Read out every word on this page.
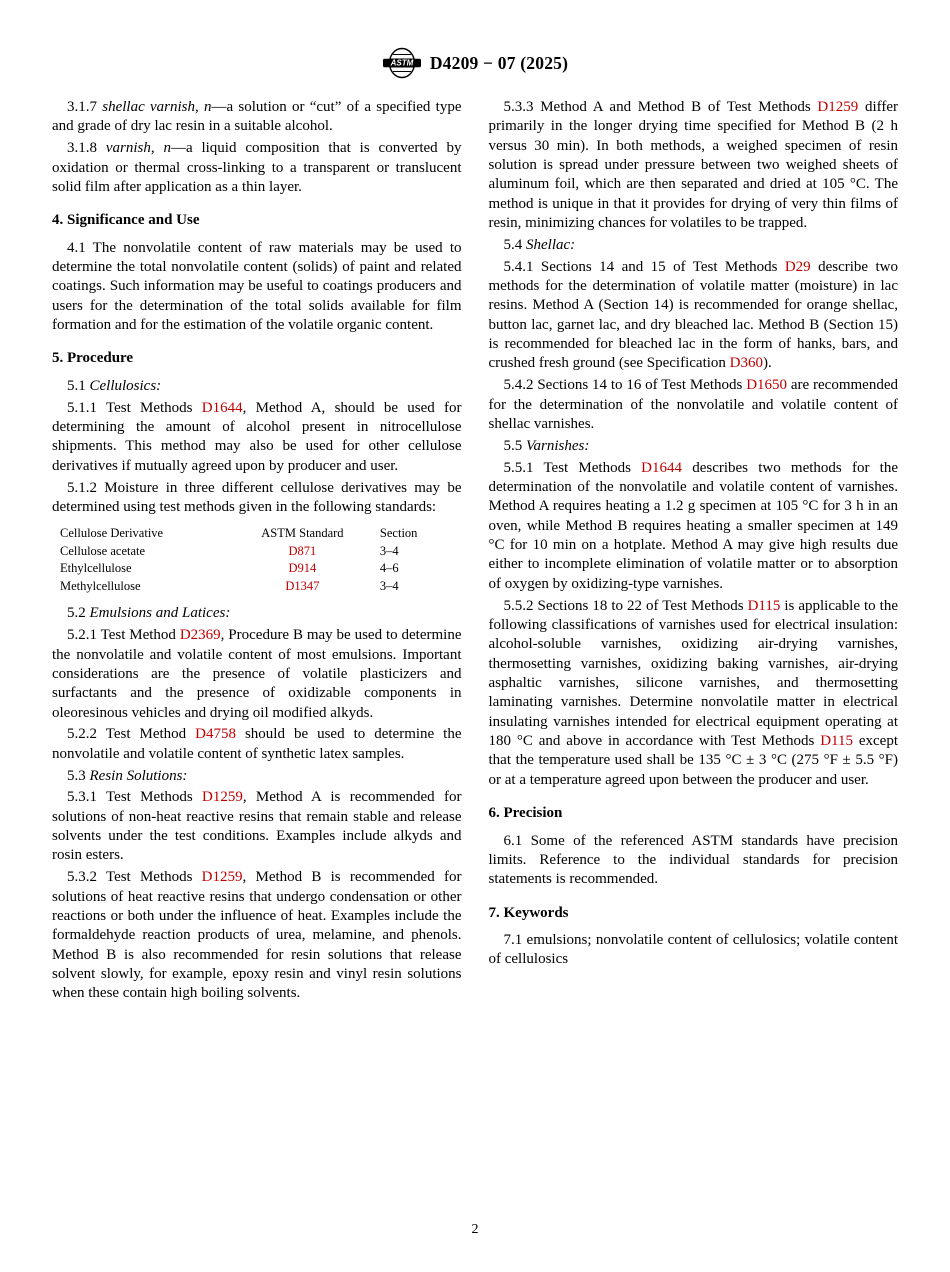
ASTM D4209 − 07 (2025)

3.1.7 shellac varnish, n—a solution or “cut” of a specified type and grade of dry lac resin in a suitable alcohol.

3.1.8 varnish, n—a liquid composition that is converted by oxidation or thermal cross-linking to a transparent or translucent solid film after application as a thin layer.

4. Significance and Use

4.1 The nonvolatile content of raw materials may be used to determine the total nonvolatile content (solids) of paint and related coatings. Such information may be useful to coatings producers and users for the determination of the total solids available for film formation and for the estimation of the volatile organic content.

5. Procedure

5.1 Cellulosics:

5.1.1 Test Methods D1644, Method A, should be used for determining the amount of alcohol present in nitrocellulose shipments. This method may also be used for other cellulose derivatives if mutually agreed upon by producer and user.

5.1.2 Moisture in three different cellulose derivatives may be determined using test methods given in the following standards:

Cellulose Derivative	ASTM Standard	Section
Cellulose acetate	D871	3–4
Ethylcellulose	D914	4–6
Methylcellulose	D1347	3–4

5.2 Emulsions and Latices:

5.2.1 Test Method D2369, Procedure B may be used to determine the nonvolatile and volatile content of most emulsions. Important considerations are the presence of volatile plasticizers and surfactants and the presence of oxidizable components in oleoresinous vehicles and drying oil modified alkyds.

5.2.2 Test Method D4758 should be used to determine the nonvolatile and volatile content of synthetic latex samples.

5.3 Resin Solutions:

5.3.1 Test Methods D1259, Method A is recommended for solutions of non-heat reactive resins that remain stable and release solvents under the test conditions. Examples include alkyds and rosin esters.

5.3.2 Test Methods D1259, Method B is recommended for solutions of heat reactive resins that undergo condensation or other reactions or both under the influence of heat. Examples include the formaldehyde reaction products of urea, melamine, and phenols. Method B is also recommended for resin solutions that release solvent slowly, for example, epoxy resin and vinyl resin solutions when these contain high boiling solvents.

5.3.3 Method A and Method B of Test Methods D1259 differ primarily in the longer drying time specified for Method B (2 h versus 30 min). In both methods, a weighed specimen of resin solution is spread under pressure between two weighed sheets of aluminum foil, which are then separated and dried at 105 °C. The method is unique in that it provides for drying of very thin films of resin, minimizing chances for volatiles to be trapped.

5.4 Shellac:

5.4.1 Sections 14 and 15 of Test Methods D29 describe two methods for the determination of volatile matter (moisture) in lac resins. Method A (Section 14) is recommended for orange shellac, button lac, garnet lac, and dry bleached lac. Method B (Section 15) is recommended for bleached lac in the form of hanks, bars, and crushed fresh ground (see Specification D360).

5.4.2 Sections 14 to 16 of Test Methods D1650 are recommended for the determination of the nonvolatile and volatile content of shellac varnishes.

5.5 Varnishes:

5.5.1 Test Methods D1644 describes two methods for the determination of the nonvolatile and volatile content of varnishes. Method A requires heating a 1.2 g specimen at 105 °C for 3 h in an oven, while Method B requires heating a smaller specimen at 149 °C for 10 min on a hotplate. Method A may give high results due either to incomplete elimination of volatile matter or to absorption of oxygen by oxidizing-type varnishes.

5.5.2 Sections 18 to 22 of Test Methods D115 is applicable to the following classifications of varnishes used for electrical insulation: alcohol-soluble varnishes, oxidizing air-drying varnishes, thermosetting varnishes, oxidizing baking varnishes, air-drying asphaltic varnishes, silicone varnishes, and thermosetting laminating varnishes. Determine nonvolatile matter in electrical insulating varnishes intended for electrical equipment operating at 180 °C and above in accordance with Test Methods D115 except that the temperature used shall be 135 °C ± 3 °C (275 °F ± 5.5 °F) or at a temperature agreed upon between the producer and user.

6. Precision

6.1 Some of the referenced ASTM standards have precision limits. Reference to the individual standards for precision statements is recommended.

7. Keywords

7.1 emulsions; nonvolatile content of cellulosics; volatile content of cellulosics

2
